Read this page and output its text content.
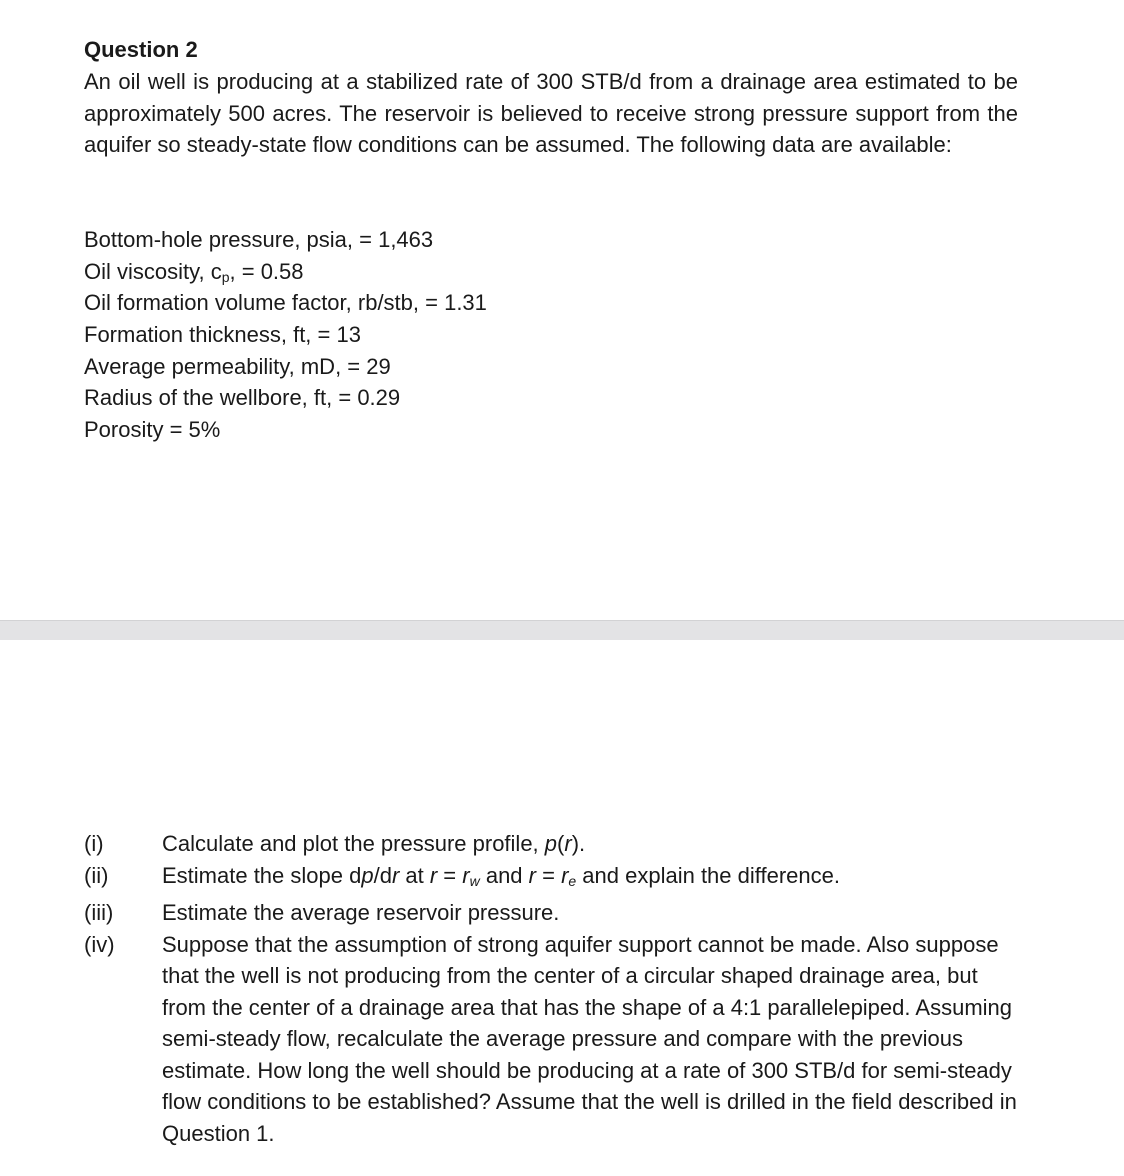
Question 2

An oil well is producing at a stabilized rate of 300 STB/d from a drainage area estimated to be approximately 500 acres. The reservoir is believed to receive strong pressure support from the aquifer so steady-state flow conditions can be assumed. The following data are available:

Bottom-hole pressure, psia, = 1,463
Oil viscosity, $c_p$, = 0.58
Oil formation volume factor, rb/stb, = 1.31
Formation thickness, ft, = 13
Average permeability, mD, = 29
Radius of the wellbore, ft, = 0.29
Porosity = 5%
(i)	Calculate and plot the pressure profile, p(r).
(ii)	Estimate the slope dp/dr at $r = r_w$ and $r = r_e$ and explain the difference.
(iii)	Estimate the average reservoir pressure.
(iv)	Suppose that the assumption of strong aquifer support cannot be made. Also suppose that the well is not producing from the center of a circular shaped drainage area, but from the center of a drainage area that has the shape of a 4:1 parallelepiped. Assuming semi-steady flow, recalculate the average pressure and compare with the previous estimate. How long the well should be producing at a rate of 300 STB/d for semi-steady flow conditions to be established? Assume that the well is drilled in the field described in Question 1.
